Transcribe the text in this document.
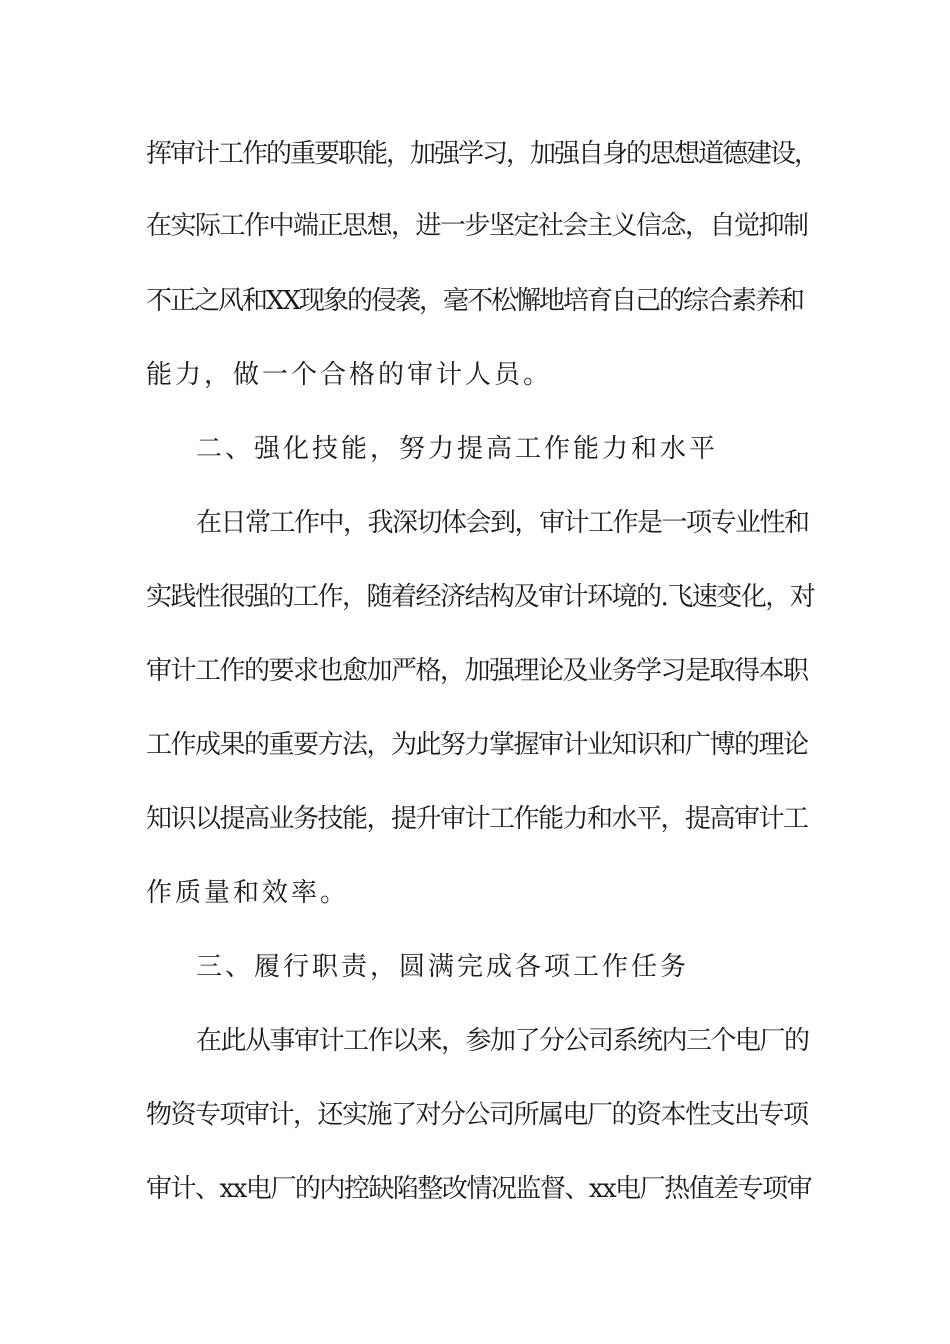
挥审计工作的重要职能，加强学习，加强自身的思想道德建设，
在实际工作中端正思想，进一步坚定社会主义信念，自觉抑制
不正之风和XX现象的侵袭，毫不松懈地培育自己的综合素养和
能力，做一个合格的审计人员。
二、强化技能，努力提高工作能力和水平
在日常工作中，我深切体会到，审计工作是一项专业性和
实践性很强的工作，随着经济结构及审计环境的.飞速变化，对
审计工作的要求也愈加严格，加强理论及业务学习是取得本职
工作成果的重要方法，为此努力掌握审计业知识和广博的理论
知识以提高业务技能，提升审计工作能力和水平，提高审计工
作质量和效率。
三、履行职责，圆满完成各项工作任务
在此从事审计工作以来，参加了分公司系统内三个电厂的
物资专项审计，还实施了对分公司所属电厂的资本性支出专项
审计、xx电厂的内控缺陷整改情况监督、xx电厂热值差专项审
